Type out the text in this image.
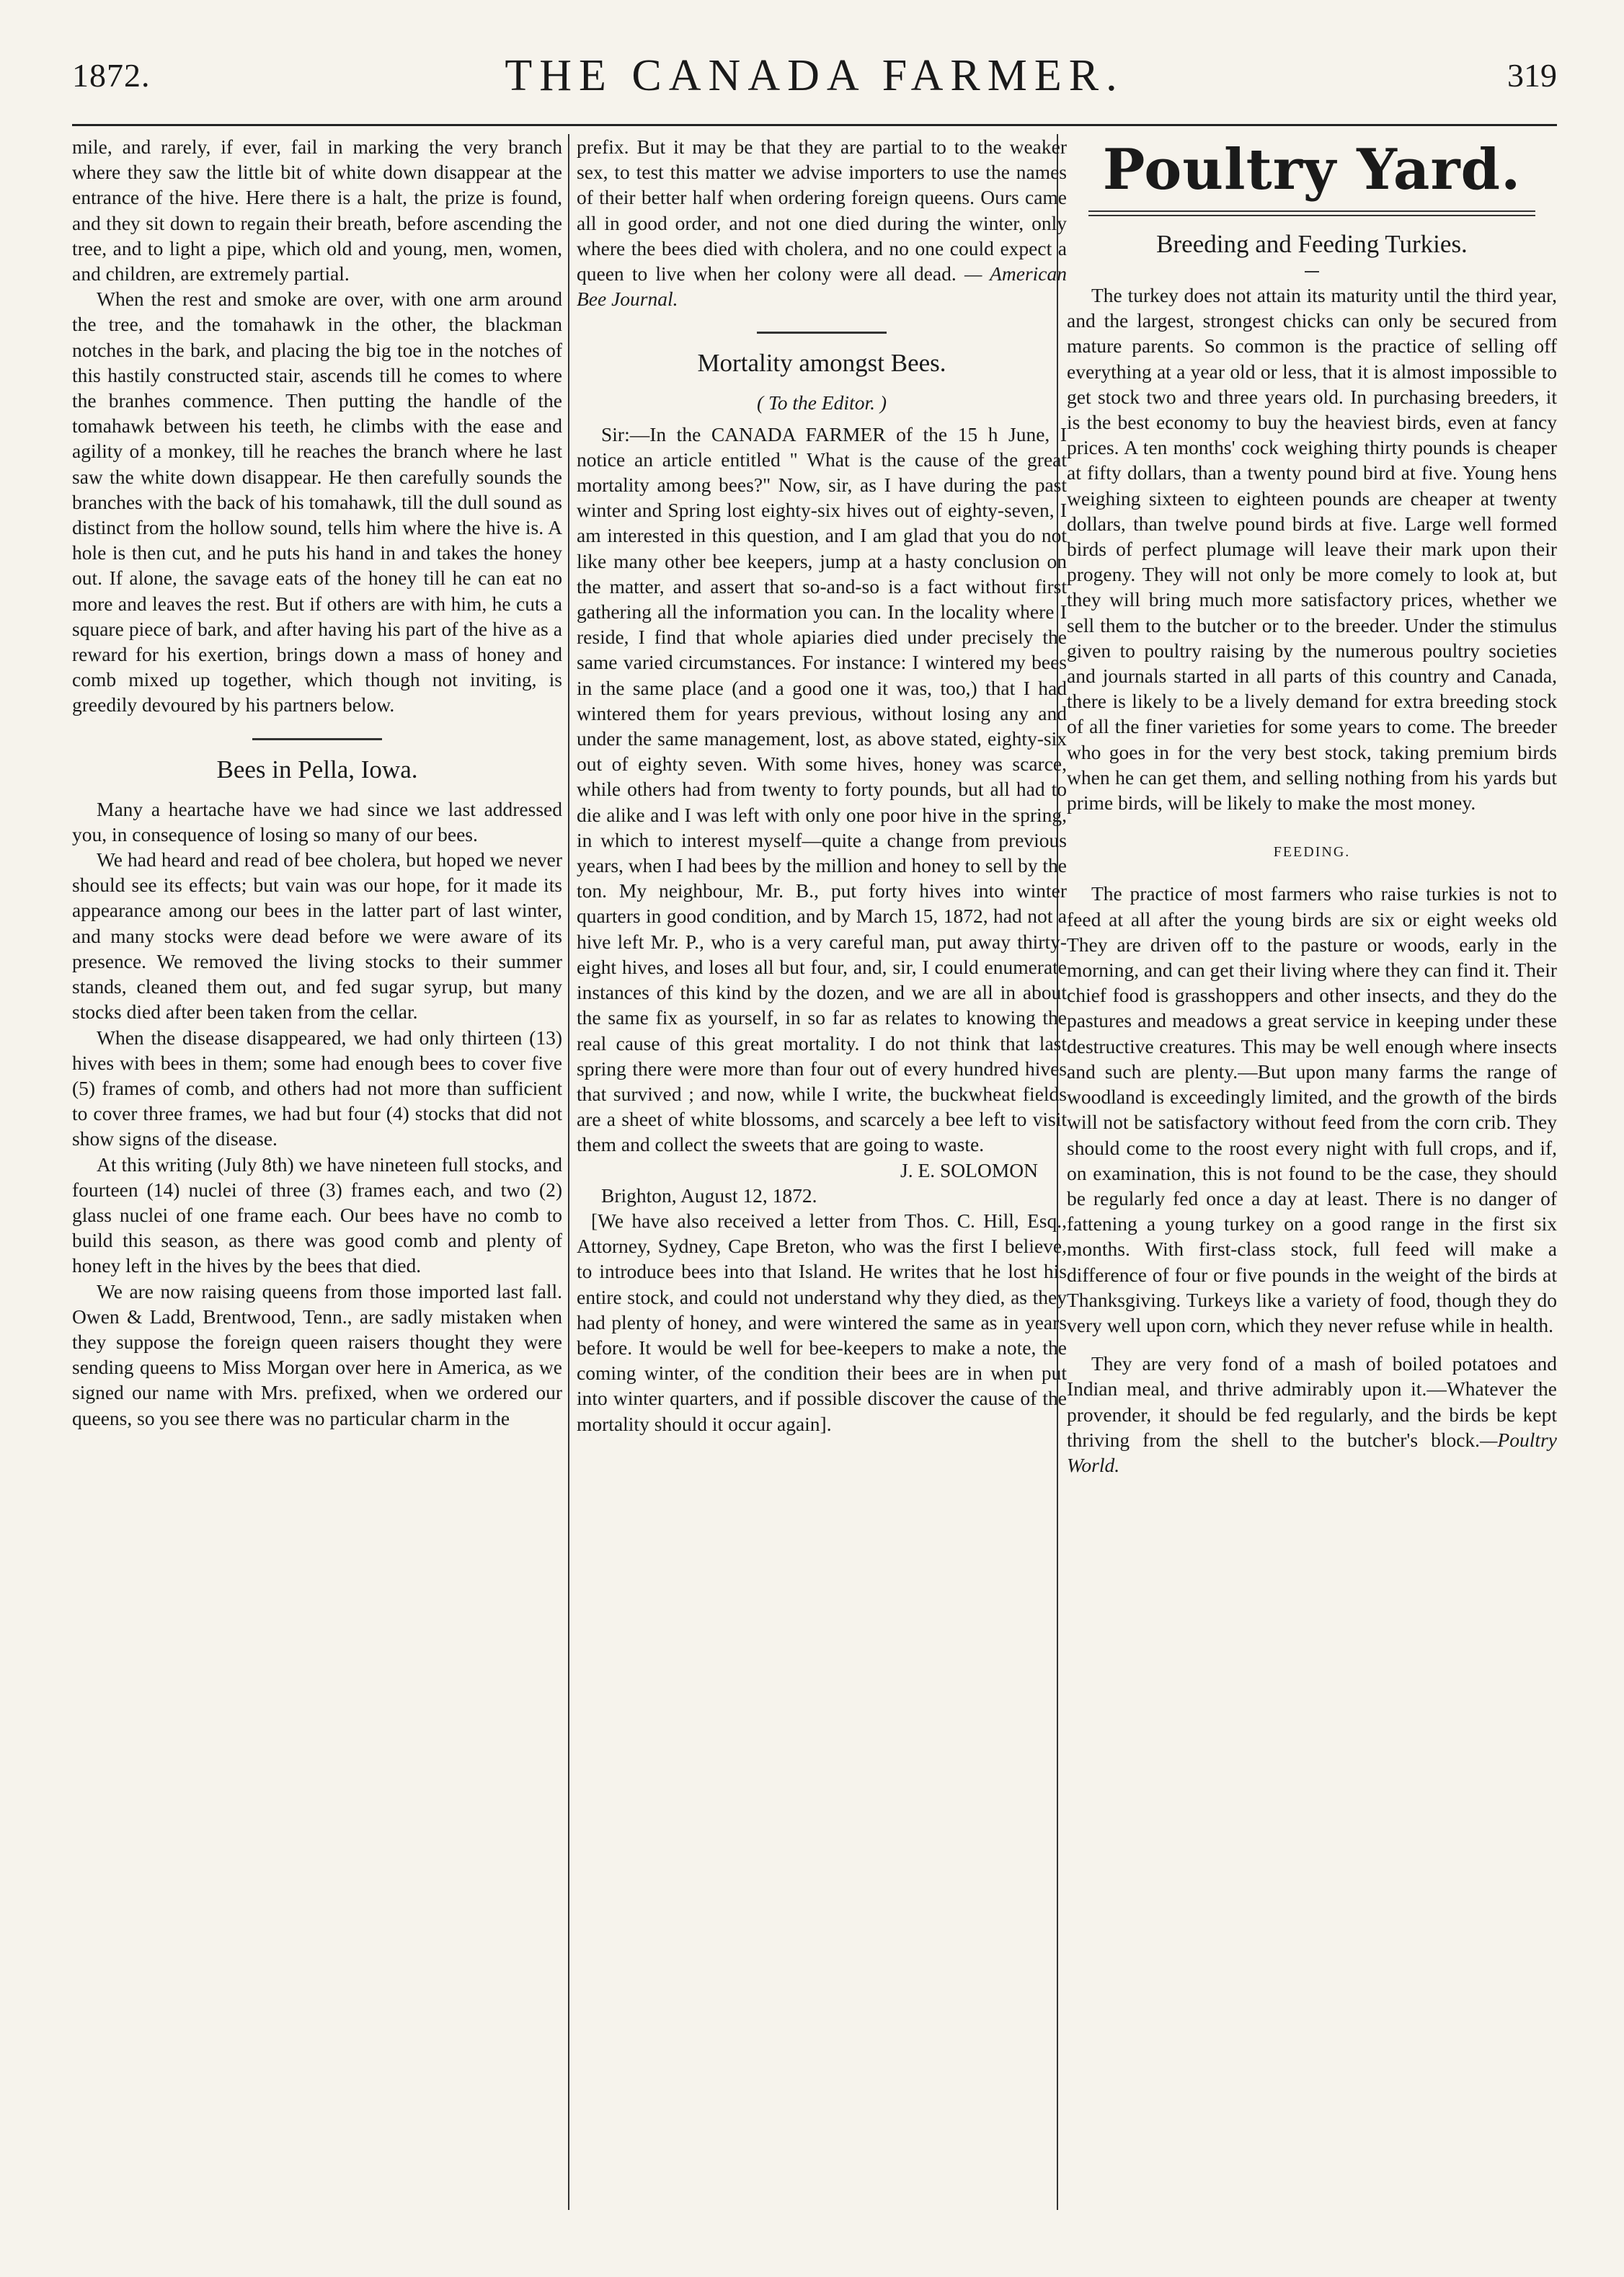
1872.	THE CANADA FARMER.	319

mile, and rarely, if ever, fail in marking the very branch where they saw the little bit of white down disappear at the entrance of the hive. Here there is a halt, the prize is found, and they sit down to regain their breath, before ascending the tree, and to light a pipe, which old and young, men, women, and children, are extremely partial.

When the rest and smoke are over, with one arm around the tree, and the tomahawk in the other, the blackman notches in the bark, and placing the big toe in the notches of this hastily constructed stair, ascends till he comes to where the branhes commence. Then putting the handle of the tomahawk between his teeth, he climbs with the ease and agility of a monkey, till he reaches the branch where he last saw the white down disappear. He then carefully sounds the branches with the back of his tomahawk, till the dull sound as distinct from the hollow sound, tells him where the hive is. A hole is then cut, and he puts his hand in and takes the honey out. If alone, the savage eats of the honey till he can eat no more and leaves the rest. But if others are with him, he cuts a square piece of bark, and after having his part of the hive as a reward for his exertion, brings down a mass of honey and comb mixed up together, which though not inviting, is greedily devoured by his partners below.

Bees in Pella, Iowa.

Many a heartache have we had since we last addressed you, in consequence of losing so many of our bees.

We had heard and read of bee cholera, but hoped we never should see its effects; but vain was our hope, for it made its appearance among our bees in the latter part of last winter, and many stocks were dead before we were aware of its presence. We removed the living stocks to their summer stands, cleaned them out, and fed sugar syrup, but many stocks died after been taken from the cellar.

When the disease disappeared, we had only thirteen (13) hives with bees in them; some had enough bees to cover five (5) frames of comb, and others had not more than sufficient to cover three frames, we had but four (4) stocks that did not show signs of the disease.

At this writing (July 8th) we have nineteen full stocks, and fourteen (14) nuclei of three (3) frames each, and two (2) glass nuclei of one frame each. Our bees have no comb to build this season, as there was good comb and plenty of honey left in the hives by the bees that died.

We are now raising queens from those imported last fall. Owen & Ladd, Brentwood, Tenn., are sadly mistaken when they suppose the foreign queen raisers thought they were sending queens to Miss Morgan over here in America, as we signed our name with Mrs. prefixed, when we ordered our queens, so you see there was no particular charm in the

prefix. But it may be that they are partial to to the weaker sex, to test this matter we advise importers to use the names of their better half when ordering foreign queens. Ours came all in good order, and not one died during the winter, only where the bees died with cholera, and no one could expect a queen to live when her colony were all dead. — American Bee Journal.

Mortality amongst Bees.
( To the Editor. )

Sir:—In the CANADA FARMER of the 15 h June, I notice an article entitled " What is the cause of the great mortality among bees?" Now, sir, as I have during the past winter and Spring lost eighty-six hives out of eighty-seven, I am interested in this question, and I am glad that you do not like many other bee keepers, jump at a hasty conclusion on the matter, and assert that so-and-so is a fact without first gathering all the information you can. In the locality where I reside, I find that whole apiaries died under precisely the same varied circumstances. For instance: I wintered my bees in the same place (and a good one it was, too,) that I had wintered them for years previous, without losing any and under the same management, lost, as above stated, eighty-six out of eighty seven. With some hives, honey was scarce, while others had from twenty to forty pounds, but all had to die alike and I was left with only one poor hive in the spring, in which to interest myself—quite a change from previous years, when I had bees by the million and honey to sell by the ton. My neighbour, Mr. B., put forty hives into winter quarters in good condition, and by March 15, 1872, had not a hive left Mr. P., who is a very careful man, put away thirty-eight hives, and loses all but four, and, sir, I could enumerate instances of this kind by the dozen, and we are all in about the same fix as yourself, in so far as relates to knowing the real cause of this great mortality. I do not think that last spring there were more than four out of every hundred hives that survived ; and now, while I write, the buckwheat fields are a sheet of white blossoms, and scarcely a bee left to visit them and collect the sweets that are going to waste.

J. E. SOLOMON

Brighton, August 12, 1872.

[We have also received a letter from Thos. C. Hill, Esq., Attorney, Sydney, Cape Breton, who was the first I believe, to introduce bees into that Island. He writes that he lost his entire stock, and could not understand why they died, as they had plenty of honey, and were wintered the same as in years before. It would be well for bee-keepers to make a note, the coming winter, of the condition their bees are in when put into winter quarters, and if possible discover the cause of the mortality should it occur again].

Poultry Yard.
Breeding and Feeding Turkies.

The turkey does not attain its maturity until the third year, and the largest, strongest chicks can only be secured from mature parents. So common is the practice of selling off everything at a year old or less, that it is almost impossible to get stock two and three years old. In purchasing breeders, it is the best economy to buy the heaviest birds, even at fancy prices. A ten months' cock weighing thirty pounds is cheaper at fifty dollars, than a twenty pound bird at five. Young hens weighing sixteen to eighteen pounds are cheaper at twenty dollars, than twelve pound birds at five. Large well formed birds of perfect plumage will leave their mark upon their progeny. They will not only be more comely to look at, but they will bring much more satisfactory prices, whether we sell them to the butcher or to the breeder. Under the stimulus given to poultry raising by the numerous poultry societies and journals started in all parts of this country and Canada, there is likely to be a lively demand for extra breeding stock of all the finer varieties for some years to come. The breeder who goes in for the very best stock, taking premium birds when he can get them, and selling nothing from his yards but prime birds, will be likely to make the most money.

FEEDING.

The practice of most farmers who raise turkies is not to feed at all after the young birds are six or eight weeks old They are driven off to the pasture or woods, early in the morning, and can get their living where they can find it. Their chief food is grasshoppers and other insects, and they do the pastures and meadows a great service in keeping under these destructive creatures. This may be well enough where insects and such are plenty.—But upon many farms the range of woodland is exceedingly limited, and the growth of the birds will not be satisfactory without feed from the corn crib. They should come to the roost every night with full crops, and if, on examination, this is not found to be the case, they should be regularly fed once a day at least. There is no danger of fattening a young turkey on a good range in the first six months. With first-class stock, full feed will make a difference of four or five pounds in the weight of the birds at Thanksgiving. Turkeys like a variety of food, though they do very well upon corn, which they never refuse while in health.

They are very fond of a mash of boiled potatoes and Indian meal, and thrive admirably upon it.—Whatever the provender, it should be fed regularly, and the birds be kept thriving from the shell to the butcher's block.—Poultry World.
